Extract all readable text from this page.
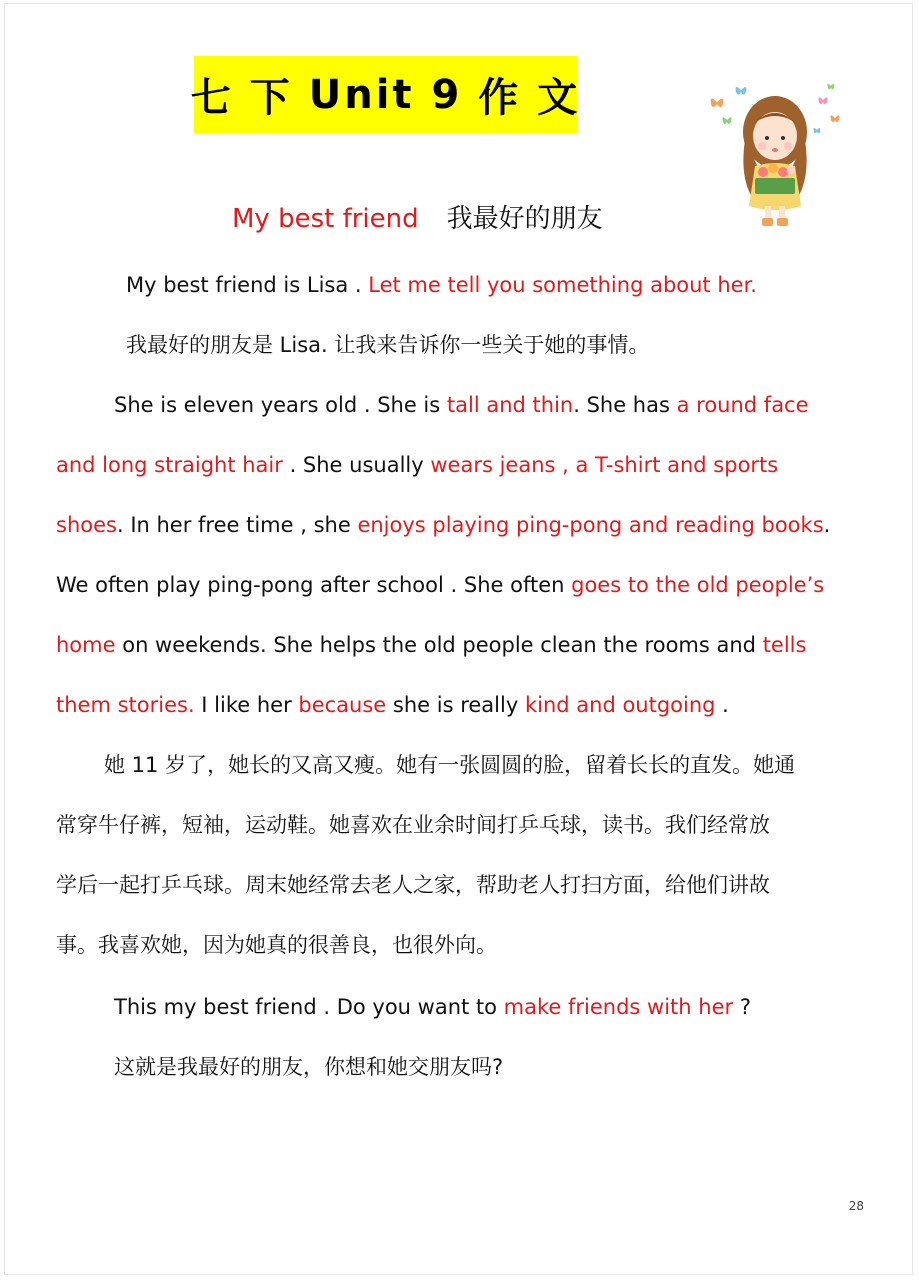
七 下 Unit 9 作 文
My best friend 我最好的朋友
My best friend is Lisa . Let me tell you something about her.
我最好的朋友是 Lisa. 让我来告诉你一些关于她的事情。
She is eleven years old . She is tall and thin. She has a round face
and long straight hair . She usually wears jeans , a T-shirt and sports
shoes. In her free time , she enjoys playing ping-pong and reading books.
We often play ping-pong after school . She often goes to the old people’s
home on weekends. She helps the old people clean the rooms and tells
them stories. I like her because she is really kind and outgoing .
她 11 岁了，她长的又高又瘦。她有一张圆圆的脸，留着长长的直发。她通
常穿牛仔裤，短袖，运动鞋。她喜欢在业余时间打乒乓球，读书。我们经常放
学后一起打乒乓球。周末她经常去老人之家，帮助老人打扫方面，给他们讲故
事。我喜欢她，因为她真的很善良，也很外向。
This my best friend . Do you want to make friends with her ?
这就是我最好的朋友，你想和她交朋友吗?
28
